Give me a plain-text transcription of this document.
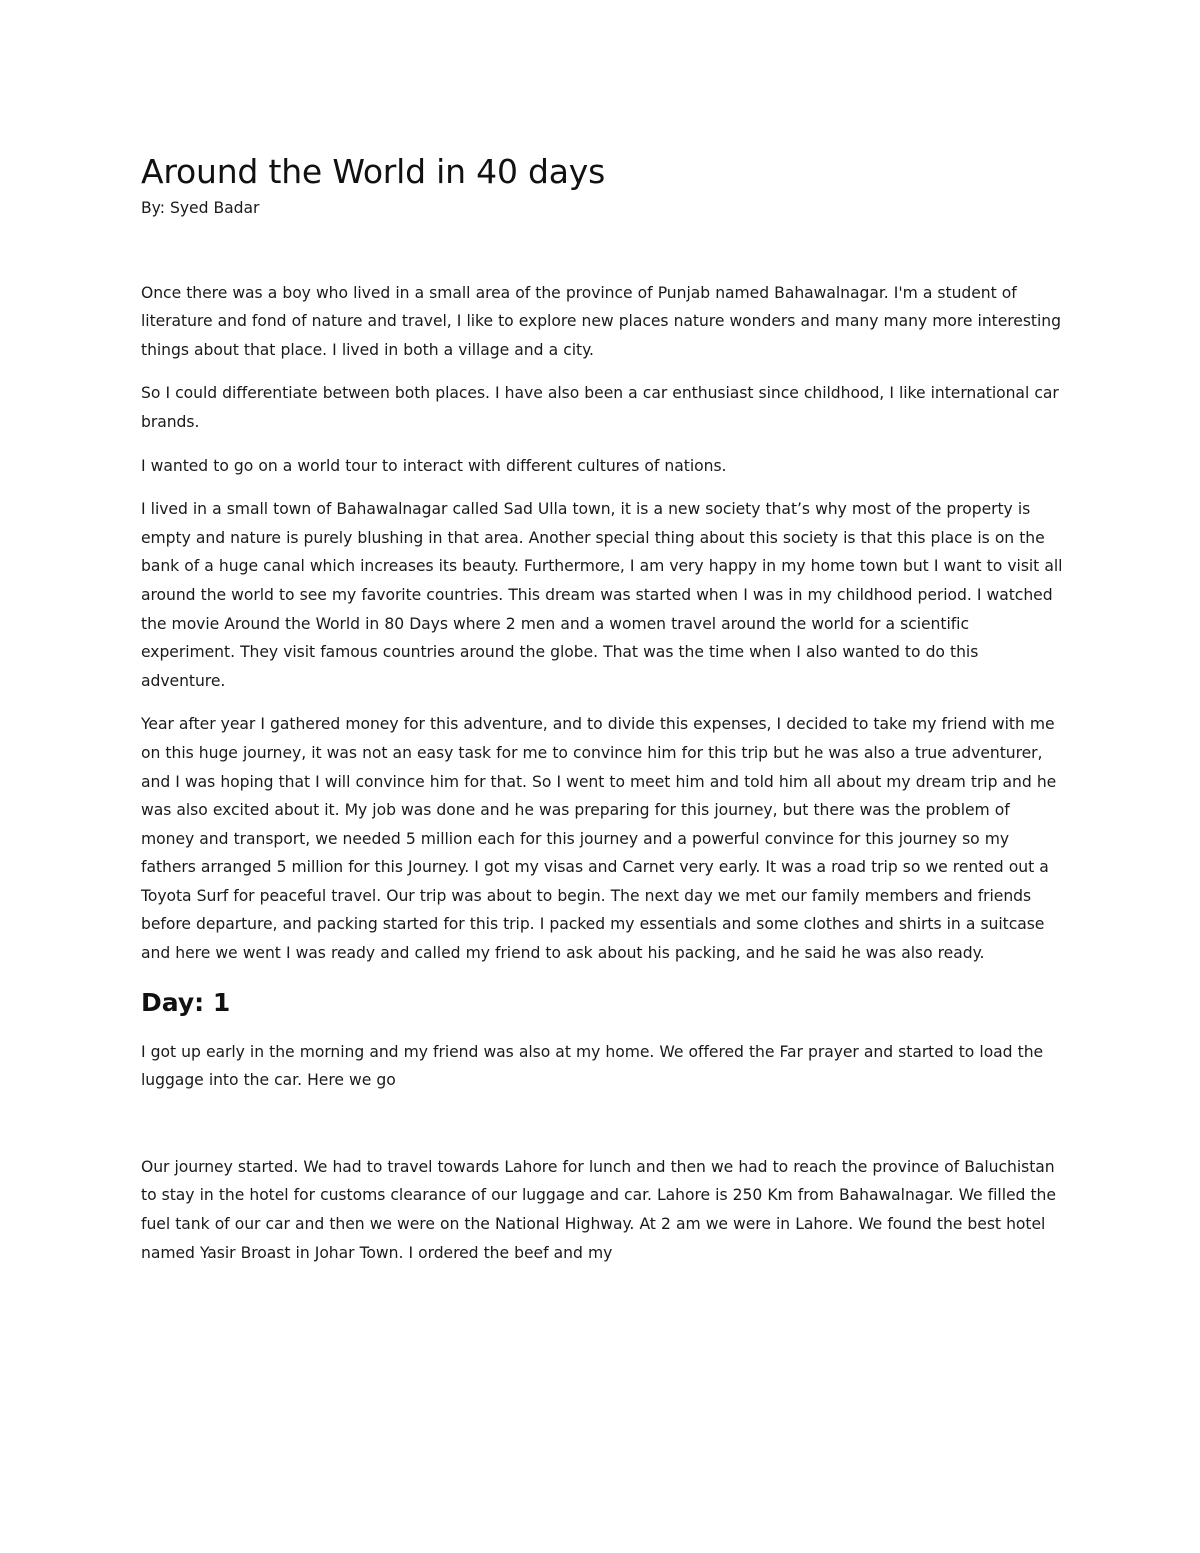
Around the World in 40 days

By: Syed Badar

Once there was a boy who lived in a small area of the province of Punjab named Bahawalnagar. I'm a student of literature and fond of nature and travel, I like to explore new places nature wonders and many many more interesting things about that place. I lived in both a village and a city.

So I could differentiate between both places. I have also been a car enthusiast since childhood, I like international car brands.

I wanted to go on a world tour to interact with different cultures of nations.

I lived in a small town of Bahawalnagar called Sad Ulla town, it is a new society that’s why most of the property is empty and nature is purely blushing in that area. Another special thing about this society is that this place is on the bank of a huge canal which increases its beauty. Furthermore, I am very happy in my home town but I want to visit all around the world to see my favorite countries. This dream was started when I was in my childhood period. I watched the movie Around the World in 80 Days where 2 men and a women travel around the world for a scientific experiment. They visit famous countries around the globe. That was the time when I also wanted to do this adventure.

Year after year I gathered money for this adventure, and to divide this expenses, I decided to take my friend with me on this huge journey, it was not an easy task for me to convince him for this trip but he was also a true adventurer, and I was hoping that I will convince him for that. So I went to meet him and told him all about my dream trip and he was also excited about it. My job was done and he was preparing for this journey, but there was the problem of money and transport, we needed 5 million each for this journey and a powerful convince for this journey so my fathers arranged 5 million for this Journey. I got my visas and Carnet very early. It was a road trip so we rented out a Toyota Surf for peaceful travel. Our trip was about to begin. The next day we met our family members and friends before departure, and packing started for this trip. I packed my essentials and some clothes and shirts in a suitcase and here we went I was ready and called my friend to ask about his packing, and he said he was also ready.

Day: 1

I got up early in the morning and my friend was also at my home. We offered the Far prayer and started to load the luggage into the car. Here we go

Our journey started. We had to travel towards Lahore for lunch and then we had to reach the province of Baluchistan to stay in the hotel for customs clearance of our luggage and car. Lahore is 250 Km from Bahawalnagar. We filled the fuel tank of our car and then we were on the National Highway. At 2 am we were in Lahore. We found the best hotel named Yasir Broast in Johar Town. I ordered the beef and my
